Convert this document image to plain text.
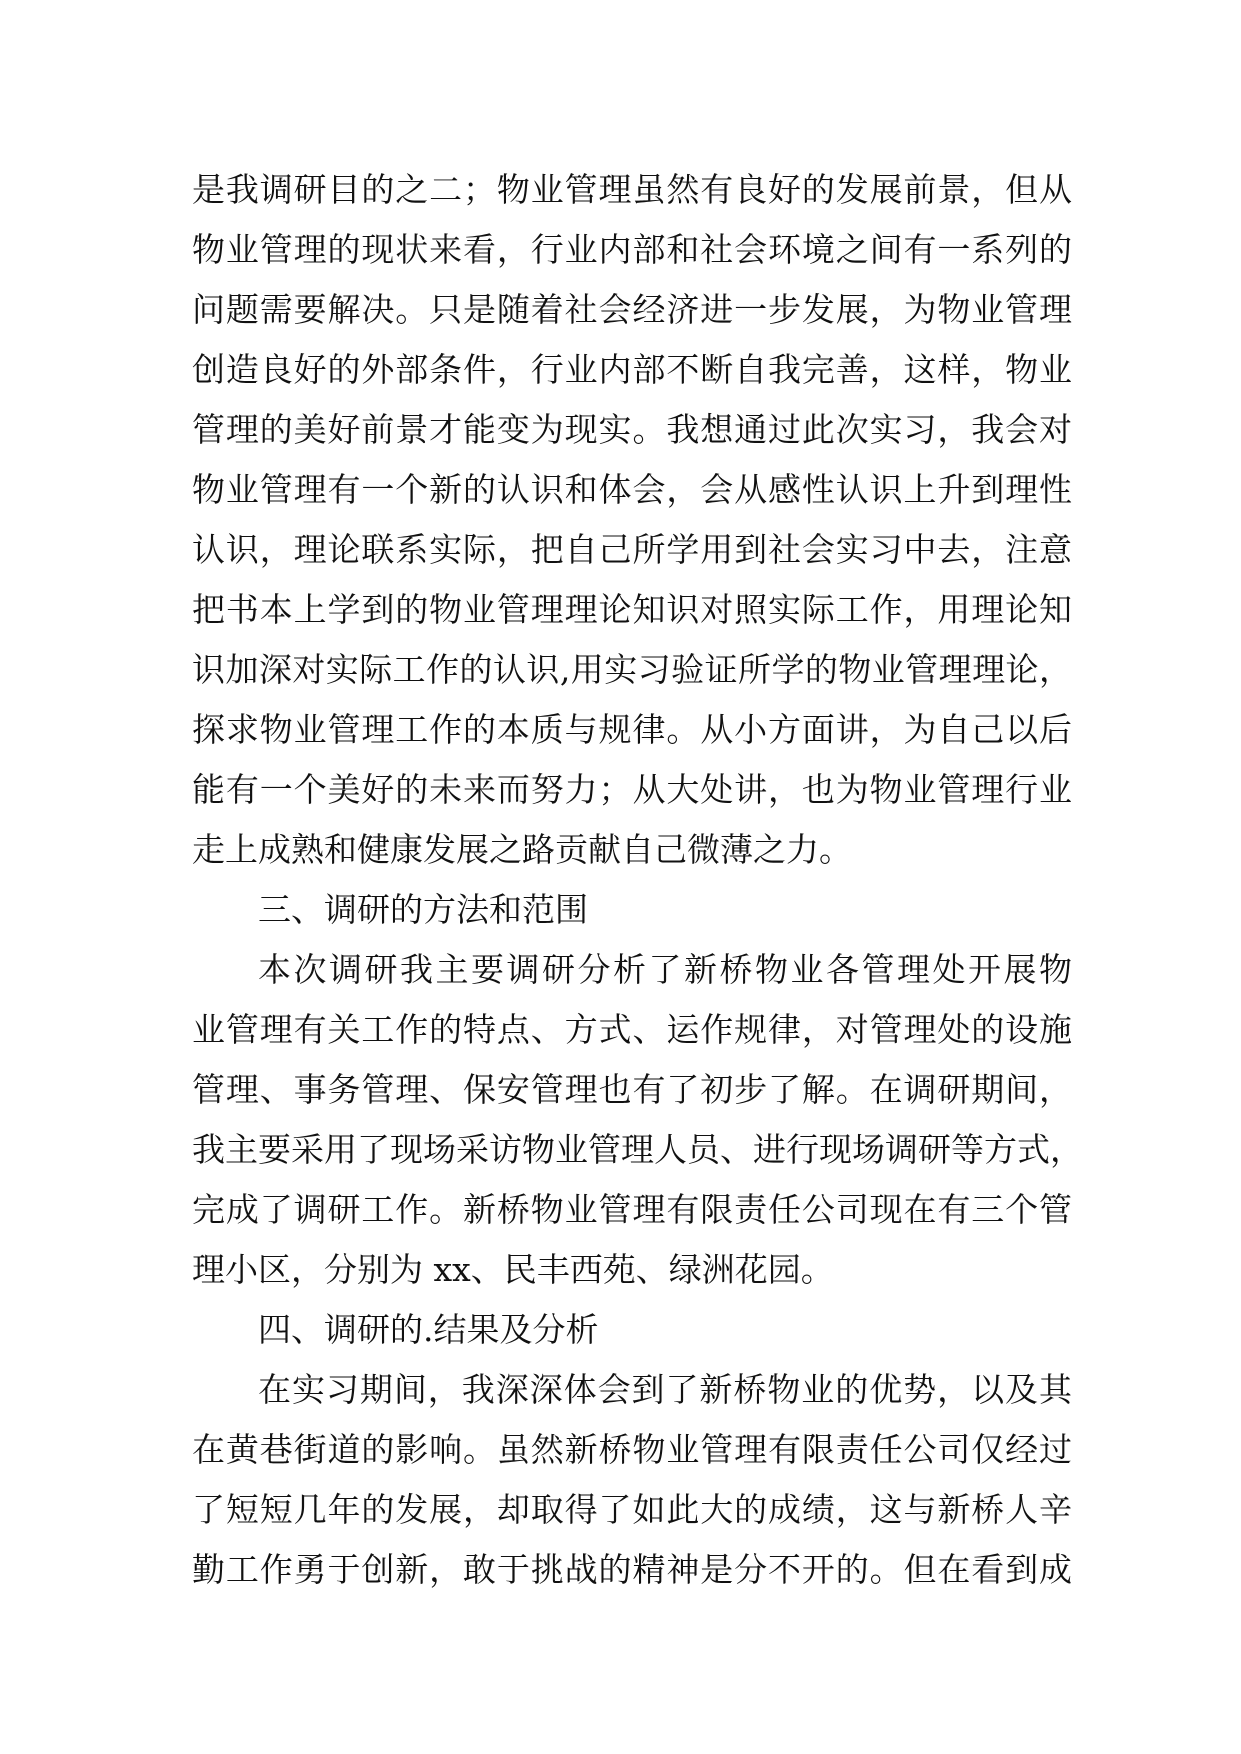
是我调研目的之二；物业管理虽然有良好的发展前景，但从

物业管理的现状来看，行业内部和社会环境之间有一系列的

问题需要解决。只是随着社会经济进一步发展，为物业管理

创造良好的外部条件，行业内部不断自我完善，这样，物业

管理的美好前景才能变为现实。我想通过此次实习，我会对

物业管理有一个新的认识和体会，会从感性认识上升到理性

认识，理论联系实际，把自己所学用到社会实习中去，注意

把书本上学到的物业管理理论知识对照实际工作，用理论知

识加深对实际工作的认识,用实习验证所学的物业管理理论，

探求物业管理工作的本质与规律。从小方面讲，为自己以后

能有一个美好的未来而努力；从大处讲，也为物业管理行业

走上成熟和健康发展之路贡献自己微薄之力。

三、调研的方法和范围

本次调研我主要调研分析了新桥物业各管理处开展物

业管理有关工作的特点、方式、运作规律，对管理处的设施

管理、事务管理、保安管理也有了初步了解。在调研期间，

我主要采用了现场采访物业管理人员、进行现场调研等方式，

完成了调研工作。新桥物业管理有限责任公司现在有三个管

理小区，分别为 xx、民丰西苑、绿洲花园。

四、调研的.结果及分析

在实习期间，我深深体会到了新桥物业的优势，以及其

在黄巷街道的影响。虽然新桥物业管理有限责任公司仅经过

了短短几年的发展，却取得了如此大的成绩，这与新桥人辛

勤工作勇于创新，敢于挑战的精神是分不开的。但在看到成
